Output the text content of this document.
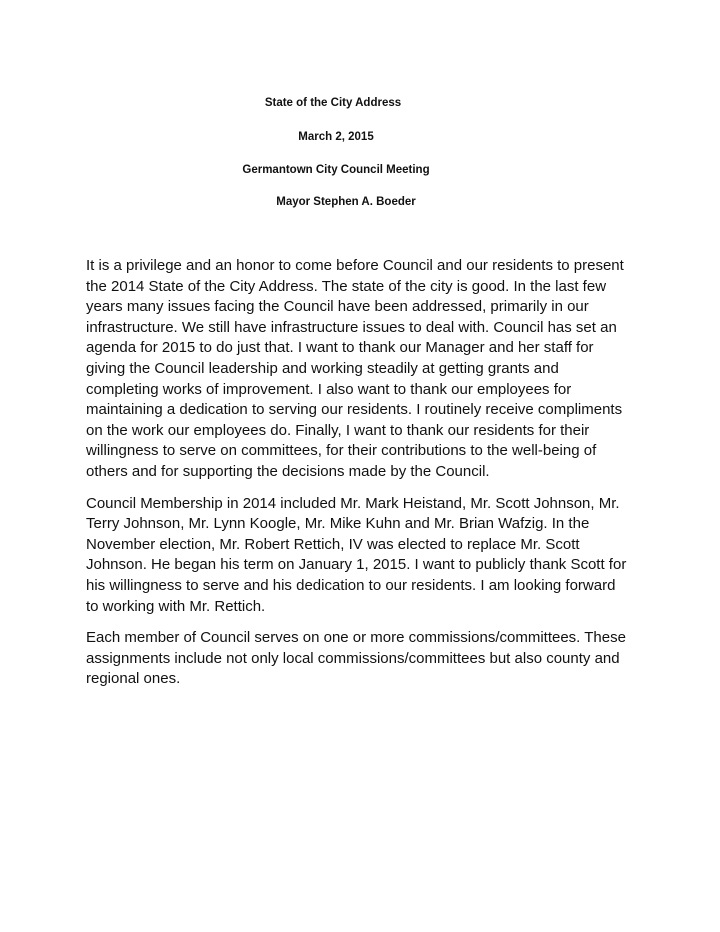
State of the City Address
March 2, 2015
Germantown City Council Meeting
Mayor Stephen A. Boeder

It is a privilege and an honor to come before Council and our residents to present
the 2014 State of the City Address. The state of the city is good. In the last few
years many issues facing the Council have been addressed, primarily in our
infrastructure. We still have infrastructure issues to deal with. Council has set an
agenda for 2015 to do just that. I want to thank our Manager and her staff for
giving the Council leadership and working steadily at getting grants and
completing works of improvement. I also want to thank our employees for
maintaining a dedication to serving our residents. I routinely receive compliments
on the work our employees do. Finally, I want to thank our residents for their
willingness to serve on committees, for their contributions to the well-being of
others and for supporting the decisions made by the Council.

Council Membership in 2014 included Mr. Mark Heistand, Mr. Scott Johnson, Mr.
Terry Johnson, Mr. Lynn Koogle, Mr. Mike Kuhn and Mr. Brian Wafzig. In the
November election, Mr. Robert Rettich, IV was elected to replace Mr. Scott
Johnson. He began his term on January 1, 2015. I want to publicly thank Scott for
his willingness to serve and his dedication to our residents. I am looking forward
to working with Mr. Rettich.

Each member of Council serves on one or more commissions/committees. These
assignments include not only local commissions/committees but also county and
regional ones.
